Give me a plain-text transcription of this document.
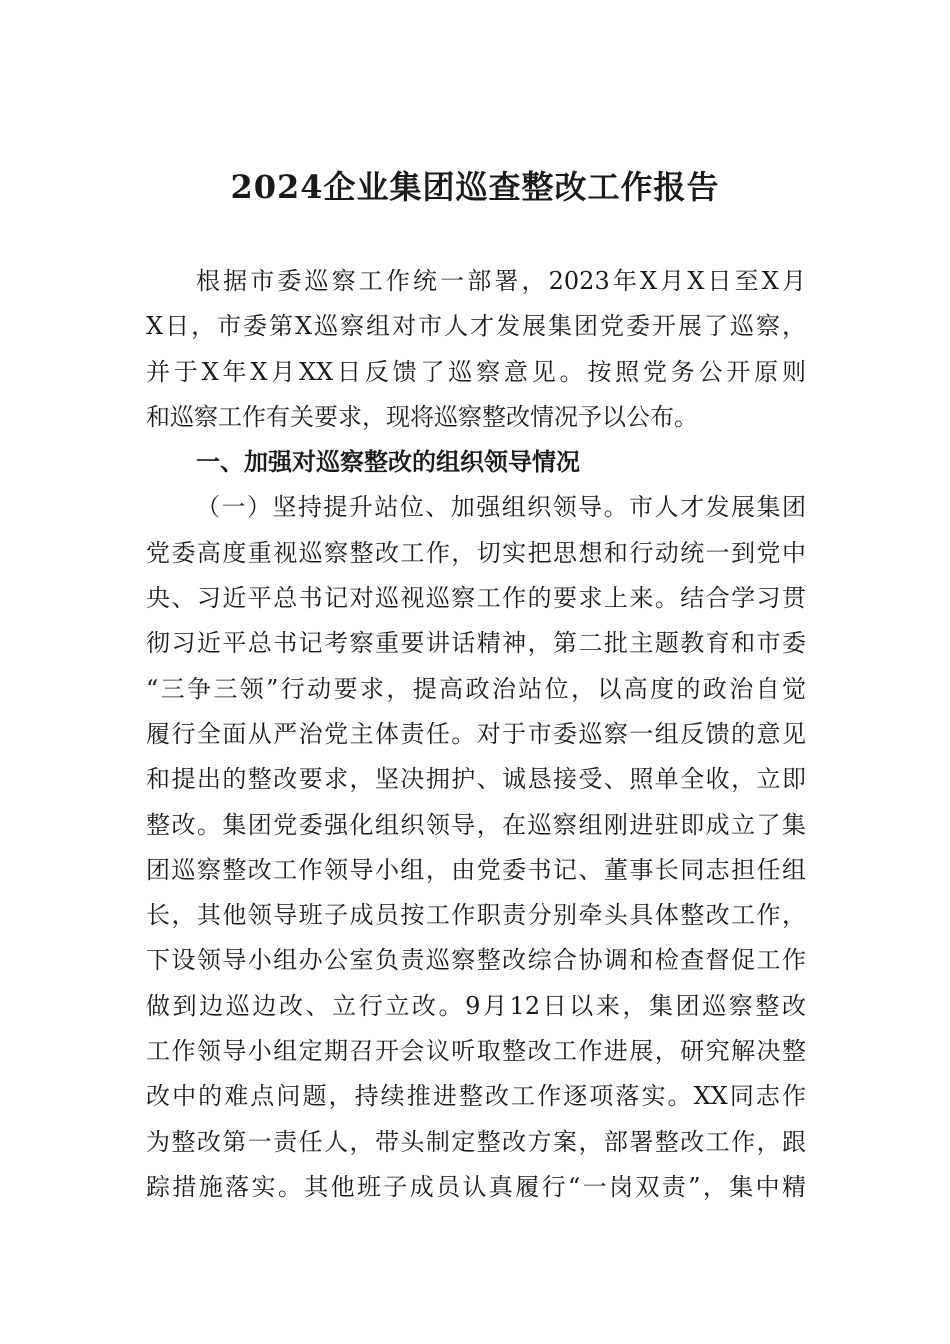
2024企业集团巡查整改工作报告
根据市委巡察工作统一部署，2023年X月X日至X月
X日，市委第X巡察组对市人才发展集团党委开展了巡察，
并于X年X月XX日反馈了巡察意见。按照党务公开原则
和巡察工作有关要求，现将巡察整改情况予以公布。
一、加强对巡察整改的组织领导情况
（一）坚持提升站位、加强组织领导。市人才发展集团
党委高度重视巡察整改工作，切实把思想和行动统一到党中
央、习近平总书记对巡视巡察工作的要求上来。结合学习贯
彻习近平总书记考察重要讲话精神，第二批主题教育和市委
“三争三领”行动要求，提高政治站位，以高度的政治自觉
履行全面从严治党主体责任。对于市委巡察一组反馈的意见
和提出的整改要求，坚决拥护、诚恳接受、照单全收，立即
整改。集团党委强化组织领导，在巡察组刚进驻即成立了集
团巡察整改工作领导小组，由党委书记、董事长同志担任组
长，其他领导班子成员按工作职责分别牵头具体整改工作，
下设领导小组办公室负责巡察整改综合协调和检查督促工作
做到边巡边改、立行立改。9月12日以来，集团巡察整改
工作领导小组定期召开会议听取整改工作进展，研究解决整
改中的难点问题，持续推进整改工作逐项落实。XX同志作
为整改第一责任人，带头制定整改方案，部署整改工作，跟
踪措施落实。其他班子成员认真履行“一岗双责”，集中精
